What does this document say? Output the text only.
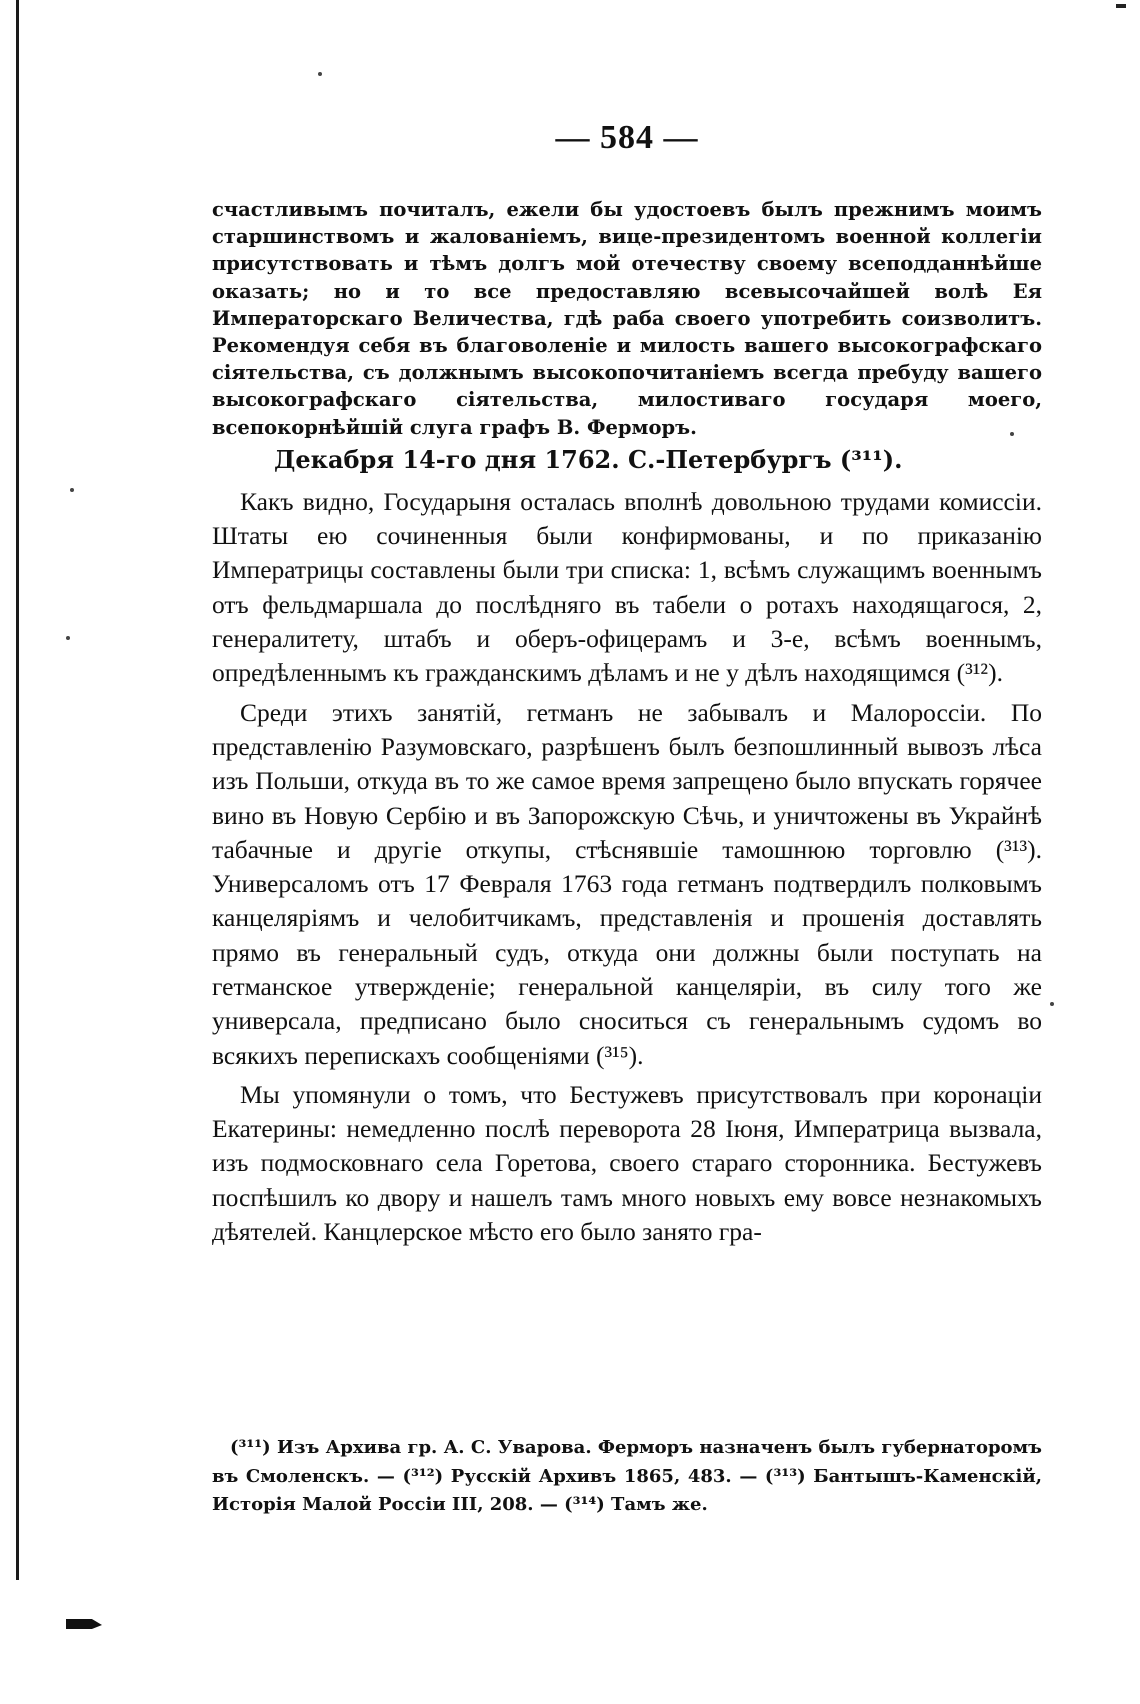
— 584 —

счастливымъ почиталъ, ежели бы удостоевъ былъ прежнимъ моимъ старшинствомъ и жалованіемъ, вице-президентомъ военной коллегіи присутствовать и тѣмъ долгъ мой отечеству своему всеподданнѣйше оказать; но и то все предоставляю всевысочайшей волѣ Ея Императорскаго Величества, гдѣ раба своего употребить соизволитъ. Рекомендуя себя въ благоволеніе и милость вашего высокографскаго сіятельства, съ должнымъ высокопочитаніемъ всегда пребуду вашего высокографскаго сіятельства, милостиваго государя моего, всепокорнѣйшій слуга графъ В. Ферморъ.

Декабря 14-го дня 1762. С.-Петербургъ (³¹¹).

Какъ видно, Государыня осталась вполнѣ довольною трудами комиссіи. Штаты ею сочиненныя были конфирмованы, и по приказанію Императрицы составлены были три списка: 1, всѣмъ служащимъ военнымъ отъ фельдмаршала до послѣдняго въ табели о ротахъ находящагося, 2, генералитету, штабъ и оберъ-офицерамъ и 3-е, всѣмъ военнымъ, опредѣленнымъ къ гражданскимъ дѣламъ и не у дѣлъ находящимся (³¹²).

Среди этихъ занятій, гетманъ не забывалъ и Малороссіи. По представленію Разумовскаго, разрѣшенъ былъ безпошлинный вывозъ лѣса изъ Польши, откуда въ то же самое время запрещено было впускать горячее вино въ Новую Сербію и въ Запорожскую Сѣчь, и уничтожены въ Украйнѣ табачные и другіе откупы, стѣснявшіе тамошнюю торговлю (³¹³). Универсаломъ отъ 17 Февраля 1763 года гетманъ подтвердилъ полковымъ канцеляріямъ и челобитчикамъ, представленія и прошенія доставлять прямо въ генеральный судъ, откуда они должны были поступать на гетманское утвержденіе; генеральной канцеляріи, въ силу того же универсала, предписано было сноситься съ генеральнымъ судомъ во всякихъ перепискахъ сообщеніями (³¹⁵).

Мы упомянули о томъ, что Бестужевъ присутствовалъ при коронаціи Екатерины: немедленно послѣ переворота 28 Іюня, Императрица вызвала, изъ подмосковнаго села Горетова, своего стараго сторонника. Бестужевъ поспѣшилъ ко двору и нашелъ тамъ много новыхъ ему вовсе незнакомыхъ дѣятелей. Канцлерское мѣсто его было занято гра-

(³¹¹) Изъ Архива гр. А. С. Уварова. Ферморъ назначенъ былъ губернаторомъ въ Смоленскъ. — (³¹²) Русскій Архивъ 1865, 483. — (³¹³) Бантышъ-Каменскій, Исторія Малой Россіи III, 208. — (³¹⁴) Тамъ же.
